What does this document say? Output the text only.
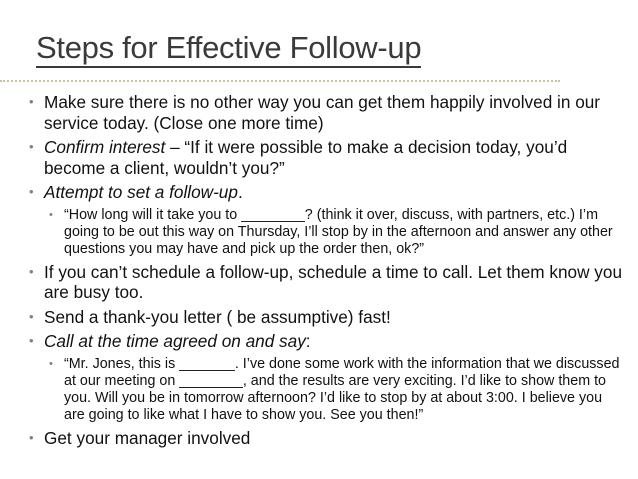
Steps for Effective Follow-up
• Make sure there is no other way you can get them happily involved in our service today. (Close one more time)
• Confirm interest – “If it were possible to make a decision today, you’d become a client, wouldn’t you?”
• Attempt to set a follow-up.
• “How long will it take you to ________? (think it over, discuss, with partners, etc.) I’m going to be out this way on Thursday, I’ll stop by in the afternoon and answer any other questions you may have and pick up the order then, ok?”
• If you can’t schedule a follow-up, schedule a time to call. Let them know you are busy too.
• Send a thank-you letter ( be assumptive) fast!
• Call at the time agreed on and say:
• “Mr. Jones, this is _______. I’ve done some work with the information that we discussed at our meeting on ________, and the results are very exciting. I’d like to show them to you. Will you be in tomorrow afternoon? I’d like to stop by at about 3:00. I believe you are going to like what I have to show you. See you then!”
• Get your manager involved
